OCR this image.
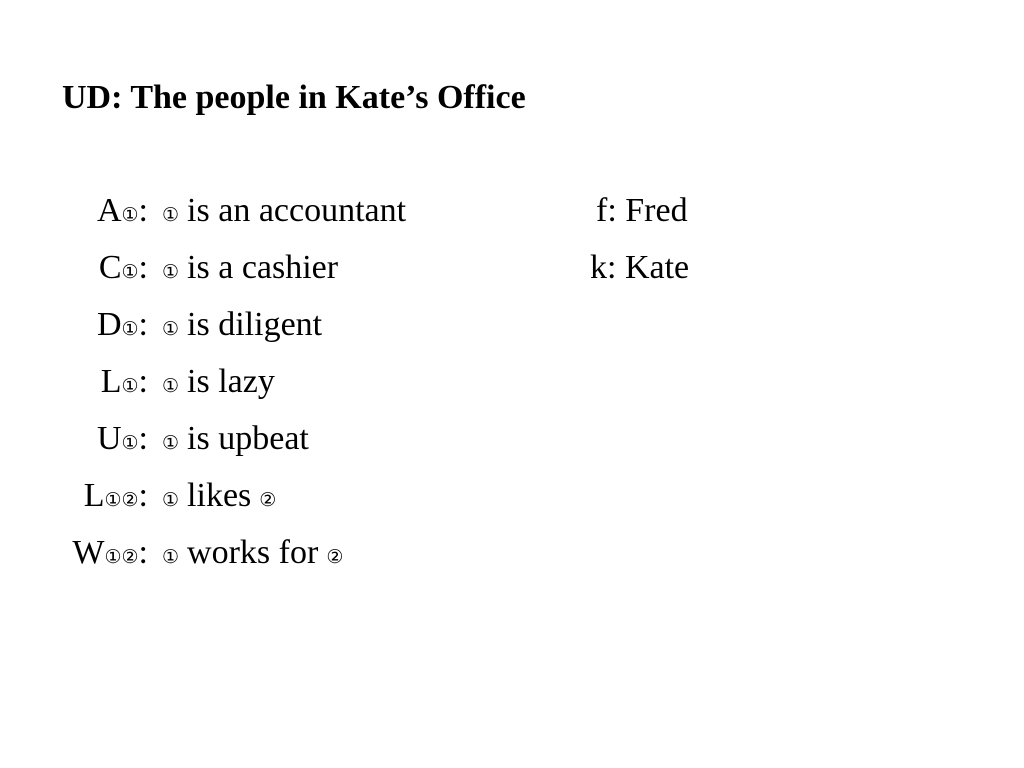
UD: The people in Kate’s Office
A ① : ① is an accountant
C ① : ① is a cashier
D ① : ① is diligent
L ① : ① is lazy
U ① : ① is upbeat
L ①② : ① likes ②
W ①② : ① works for ②
f: Fred
k: Kate
